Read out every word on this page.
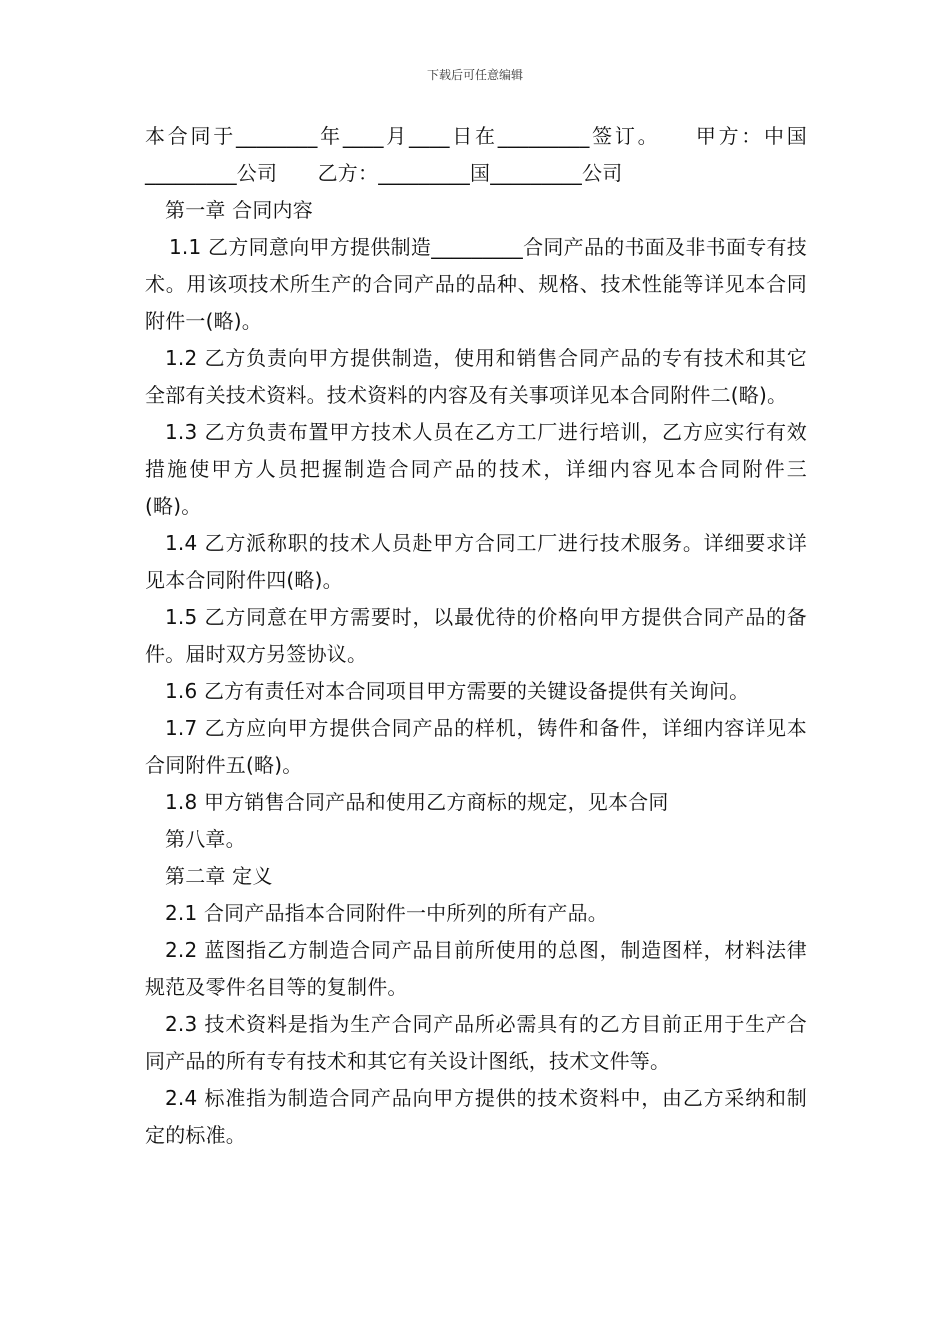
下载后可任意编辑

本合同于________年____月____日在_________签订。　　甲方：中国_________公司　　乙方：_________国_________公司

第一章 合同内容

1.1 乙方同意向甲方提供制造_________合同产品的书面及非书面专有技术。用该项技术所生产的合同产品的品种、规格、技术性能等详见本合同附件一(略)。

1.2 乙方负责向甲方提供制造，使用和销售合同产品的专有技术和其它全部有关技术资料。技术资料的内容及有关事项详见本合同附件二(略)。

1.3 乙方负责布置甲方技术人员在乙方工厂进行培训，乙方应实行有效措施使甲方人员把握制造合同产品的技术，详细内容见本合同附件三(略)。

1.4 乙方派称职的技术人员赴甲方合同工厂进行技术服务。详细要求详见本合同附件四(略)。

1.5 乙方同意在甲方需要时，以最优待的价格向甲方提供合同产品的备件。届时双方另签协议。

1.6 乙方有责任对本合同项目甲方需要的关键设备提供有关询问。

1.7 乙方应向甲方提供合同产品的样机，铸件和备件，详细内容详见本合同附件五(略)。

1.8 甲方销售合同产品和使用乙方商标的规定，见本合同

第八章。

第二章 定义

2.1 合同产品指本合同附件一中所列的所有产品。

2.2 蓝图指乙方制造合同产品目前所使用的总图，制造图样，材料法律规范及零件名目等的复制件。

2.3 技术资料是指为生产合同产品所必需具有的乙方目前正用于生产合同产品的所有专有技术和其它有关设计图纸，技术文件等。

2.4 标准指为制造合同产品向甲方提供的技术资料中，由乙方采纳和制定的标准。
